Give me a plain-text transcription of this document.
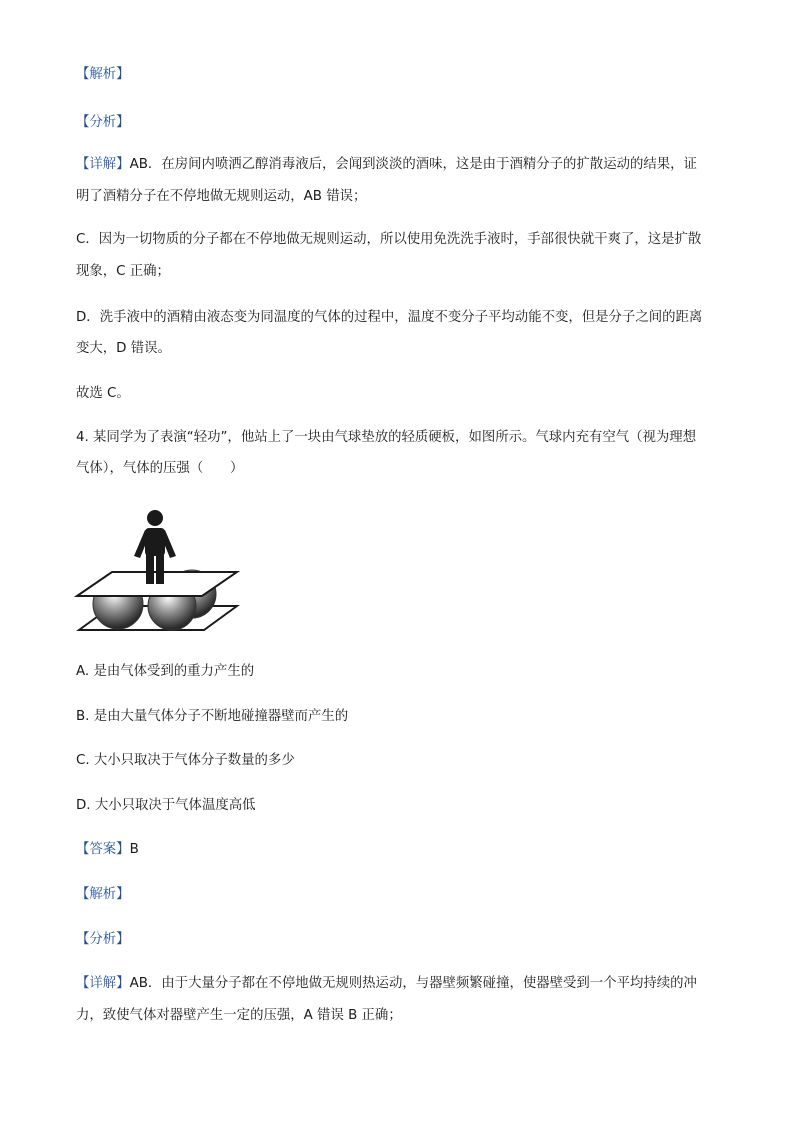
【解析】
【分析】
【详解】AB．在房间内喷洒乙醇消毒液后，会闻到淡淡的酒味，这是由于酒精分子的扩散运动的结果，证
明了酒精分子在不停地做无规则运动，AB 错误；
C．因为一切物质的分子都在不停地做无规则运动，所以使用免洗洗手液时，手部很快就干爽了，这是扩散
现象，C 正确；
D．洗手液中的酒精由液态变为同温度的气体的过程中，温度不变分子平均动能不变，但是分子之间的距离
变大，D 错误。
故选 C。
4. 某同学为了表演“轻功”，他站上了一块由气球垫放的轻质硬板，如图所示。气球内充有空气（视为理想
气体），气体的压强（　　）
A. 是由气体受到的重力产生的
B. 是由大量气体分子不断地碰撞器壁而产生的
C. 大小只取决于气体分子数量的多少
D. 大小只取决于气体温度高低
【答案】B
【解析】
【分析】
【详解】AB．由于大量分子都在不停地做无规则热运动，与器壁频繁碰撞，使器壁受到一个平均持续的冲
力，致使气体对器壁产生一定的压强，A 错误 B 正确；
